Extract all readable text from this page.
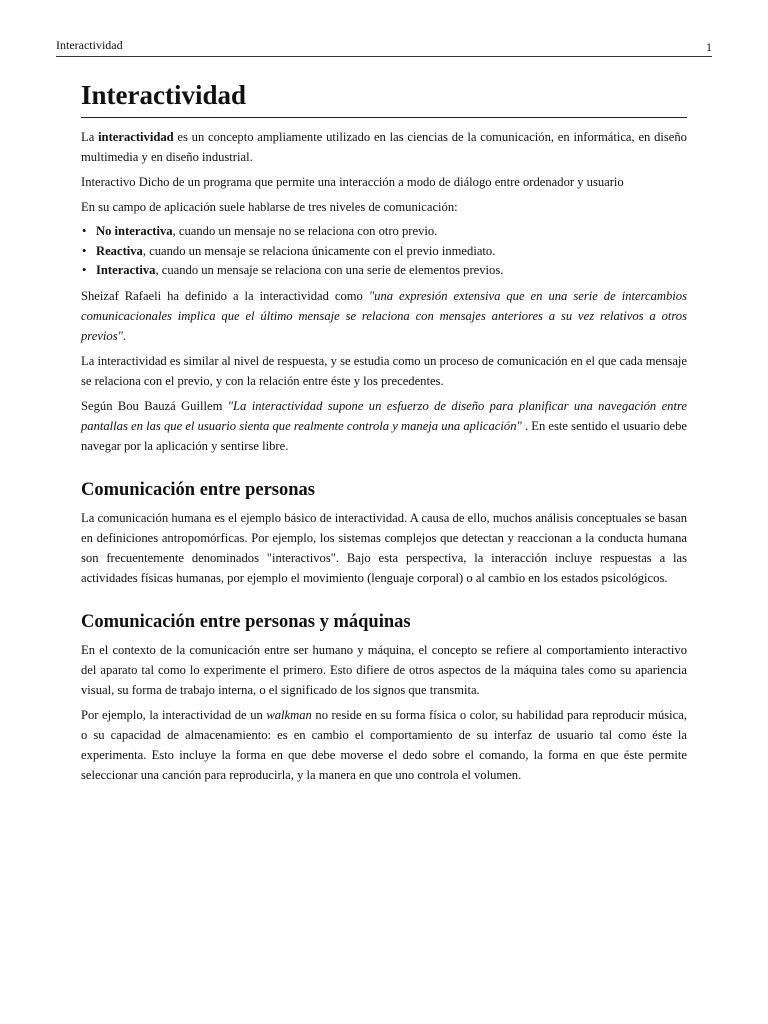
Interactividad	1
Interactividad

La interactividad es un concepto ampliamente utilizado en las ciencias de la comunicación, en informática, en diseño multimedia y en diseño industrial.

Interactivo Dicho de un programa que permite una interacción a modo de diálogo entre ordenador y usuario

En su campo de aplicación suele hablarse de tres niveles de comunicación:

• No interactiva, cuando un mensaje no se relaciona con otro previo.
• Reactiva, cuando un mensaje se relaciona únicamente con el previo inmediato.
• Interactiva, cuando un mensaje se relaciona con una serie de elementos previos.

Sheizaf Rafaeli ha definido a la interactividad como "una expresión extensiva que en una serie de intercambios comunicacionales implica que el último mensaje se relaciona con mensajes anteriores a su vez relativos a otros previos".

La interactividad es similar al nivel de respuesta, y se estudia como un proceso de comunicación en el que cada mensaje se relaciona con el previo, y con la relación entre éste y los precedentes.

Según Bou Bauzá Guillem "La interactividad supone un esfuerzo de diseño para planificar una navegación entre pantallas en las que el usuario sienta que realmente controla y maneja una aplicación" . En este sentido el usuario debe navegar por la aplicación y sentirse libre.

Comunicación entre personas

La comunicación humana es el ejemplo básico de interactividad. A causa de ello, muchos análisis conceptuales se basan en definiciones antropomórficas. Por ejemplo, los sistemas complejos que detectan y reaccionan a la conducta humana son frecuentemente denominados "interactivos". Bajo esta perspectiva, la interacción incluye respuestas a las actividades físicas humanas, por ejemplo el movimiento (lenguaje corporal) o al cambio en los estados psicológicos.

Comunicación entre personas y máquinas

En el contexto de la comunicación entre ser humano y máquina, el concepto se refiere al comportamiento interactivo del aparato tal como lo experimente el primero. Esto difiere de otros aspectos de la máquina tales como su apariencia visual, su forma de trabajo interna, o el significado de los signos que transmita.

Por ejemplo, la interactividad de un walkman no reside en su forma física o color, su habilidad para reproducir música, o su capacidad de almacenamiento: es en cambio el comportamiento de su interfaz de usuario tal como éste la experimenta. Esto incluye la forma en que debe moverse el dedo sobre el comando, la forma en que éste permite seleccionar una canción para reproducirla, y la manera en que uno controla el volumen.
